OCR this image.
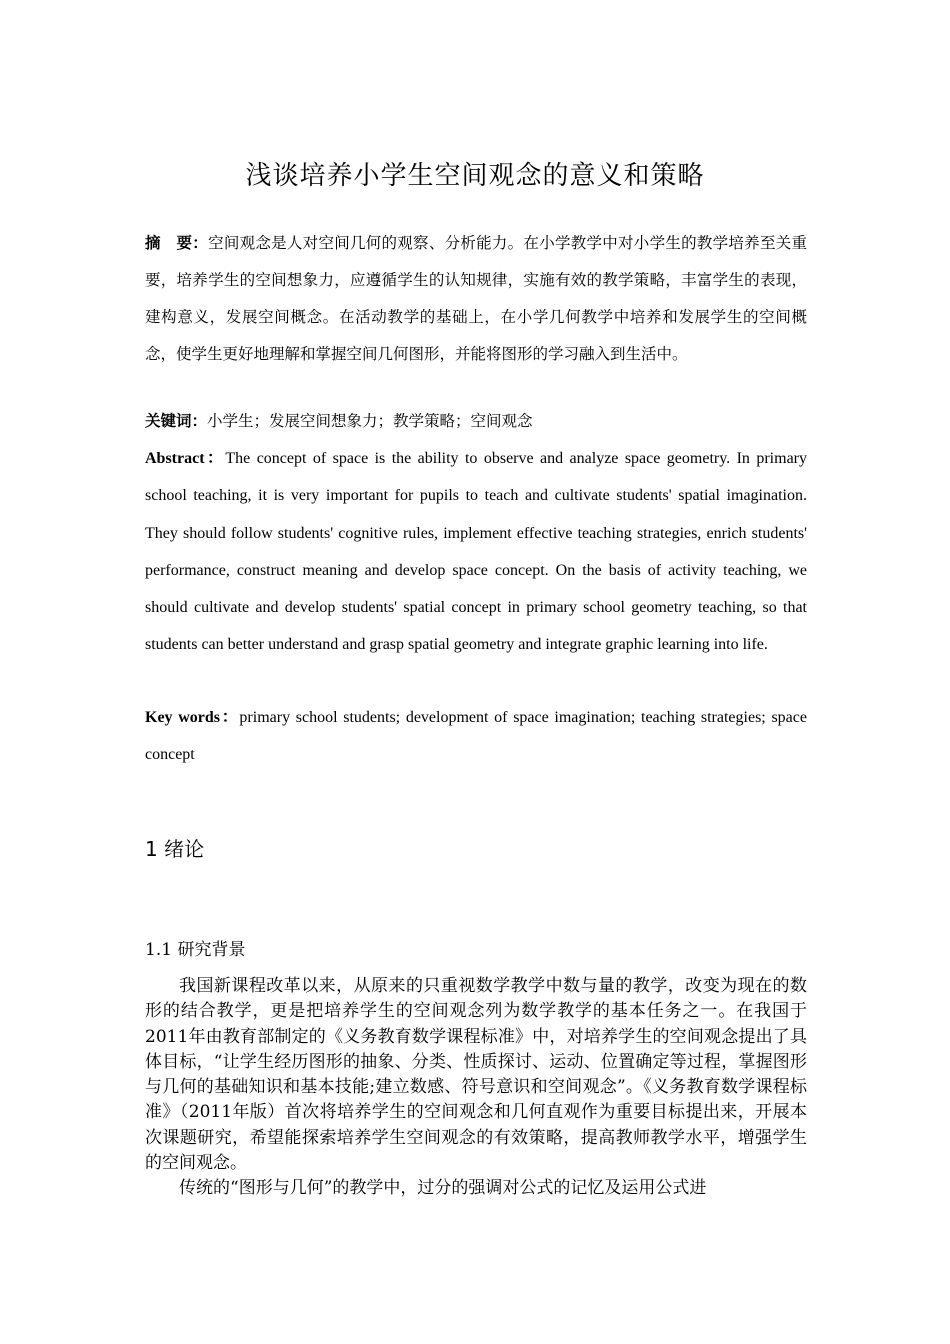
浅谈培养小学生空间观念的意义和策略
摘　要：空间观念是人对空间几何的观察、分析能力。在小学教学中对小学生的教学培养至关重要，培养学生的空间想象力，应遵循学生的认知规律，实施有效的教学策略，丰富学生的表现，建构意义，发展空间概念。在活动教学的基础上，在小学几何教学中培养和发展学生的空间概念，使学生更好地理解和掌握空间几何图形，并能将图形的学习融入到生活中。
关键词：小学生；发展空间想象力；教学策略；空间观念
Abstract：The concept of space is the ability to observe and analyze space geometry. In primary school teaching, it is very important for pupils to teach and cultivate students' spatial imagination. They should follow students' cognitive rules, implement effective teaching strategies, enrich students' performance, construct meaning and develop space concept. On the basis of activity teaching, we should cultivate and develop students' spatial concept in primary school geometry teaching, so that students can better understand and grasp spatial geometry and integrate graphic learning into life.
Key words：primary school students; development of space imagination; teaching strategies; space concept
1 绪论
1.1 研究背景

我国新课程改革以来，从原来的只重视数学教学中数与量的教学，改变为现在的数形的结合教学，更是把培养学生的空间观念列为数学教学的基本任务之一。在我国于2011年由教育部制定的《义务教育数学课程标准》中，对培养学生的空间观念提出了具体目标，“让学生经历图形的抽象、分类、性质探讨、运动、位置确定等过程，掌握图形与几何的基础知识和基本技能;建立数感、符号意识和空间观念”。《义务教育数学课程标准》（2011年版）首次将培养学生的空间观念和几何直观作为重要目标提出来，开展本次课题研究，希望能探索培养学生空间观念的有效策略，提高教师教学水平，增强学生的空间观念。

传统的“图形与几何”的教学中，过分的强调对公式的记忆及运用公式进
